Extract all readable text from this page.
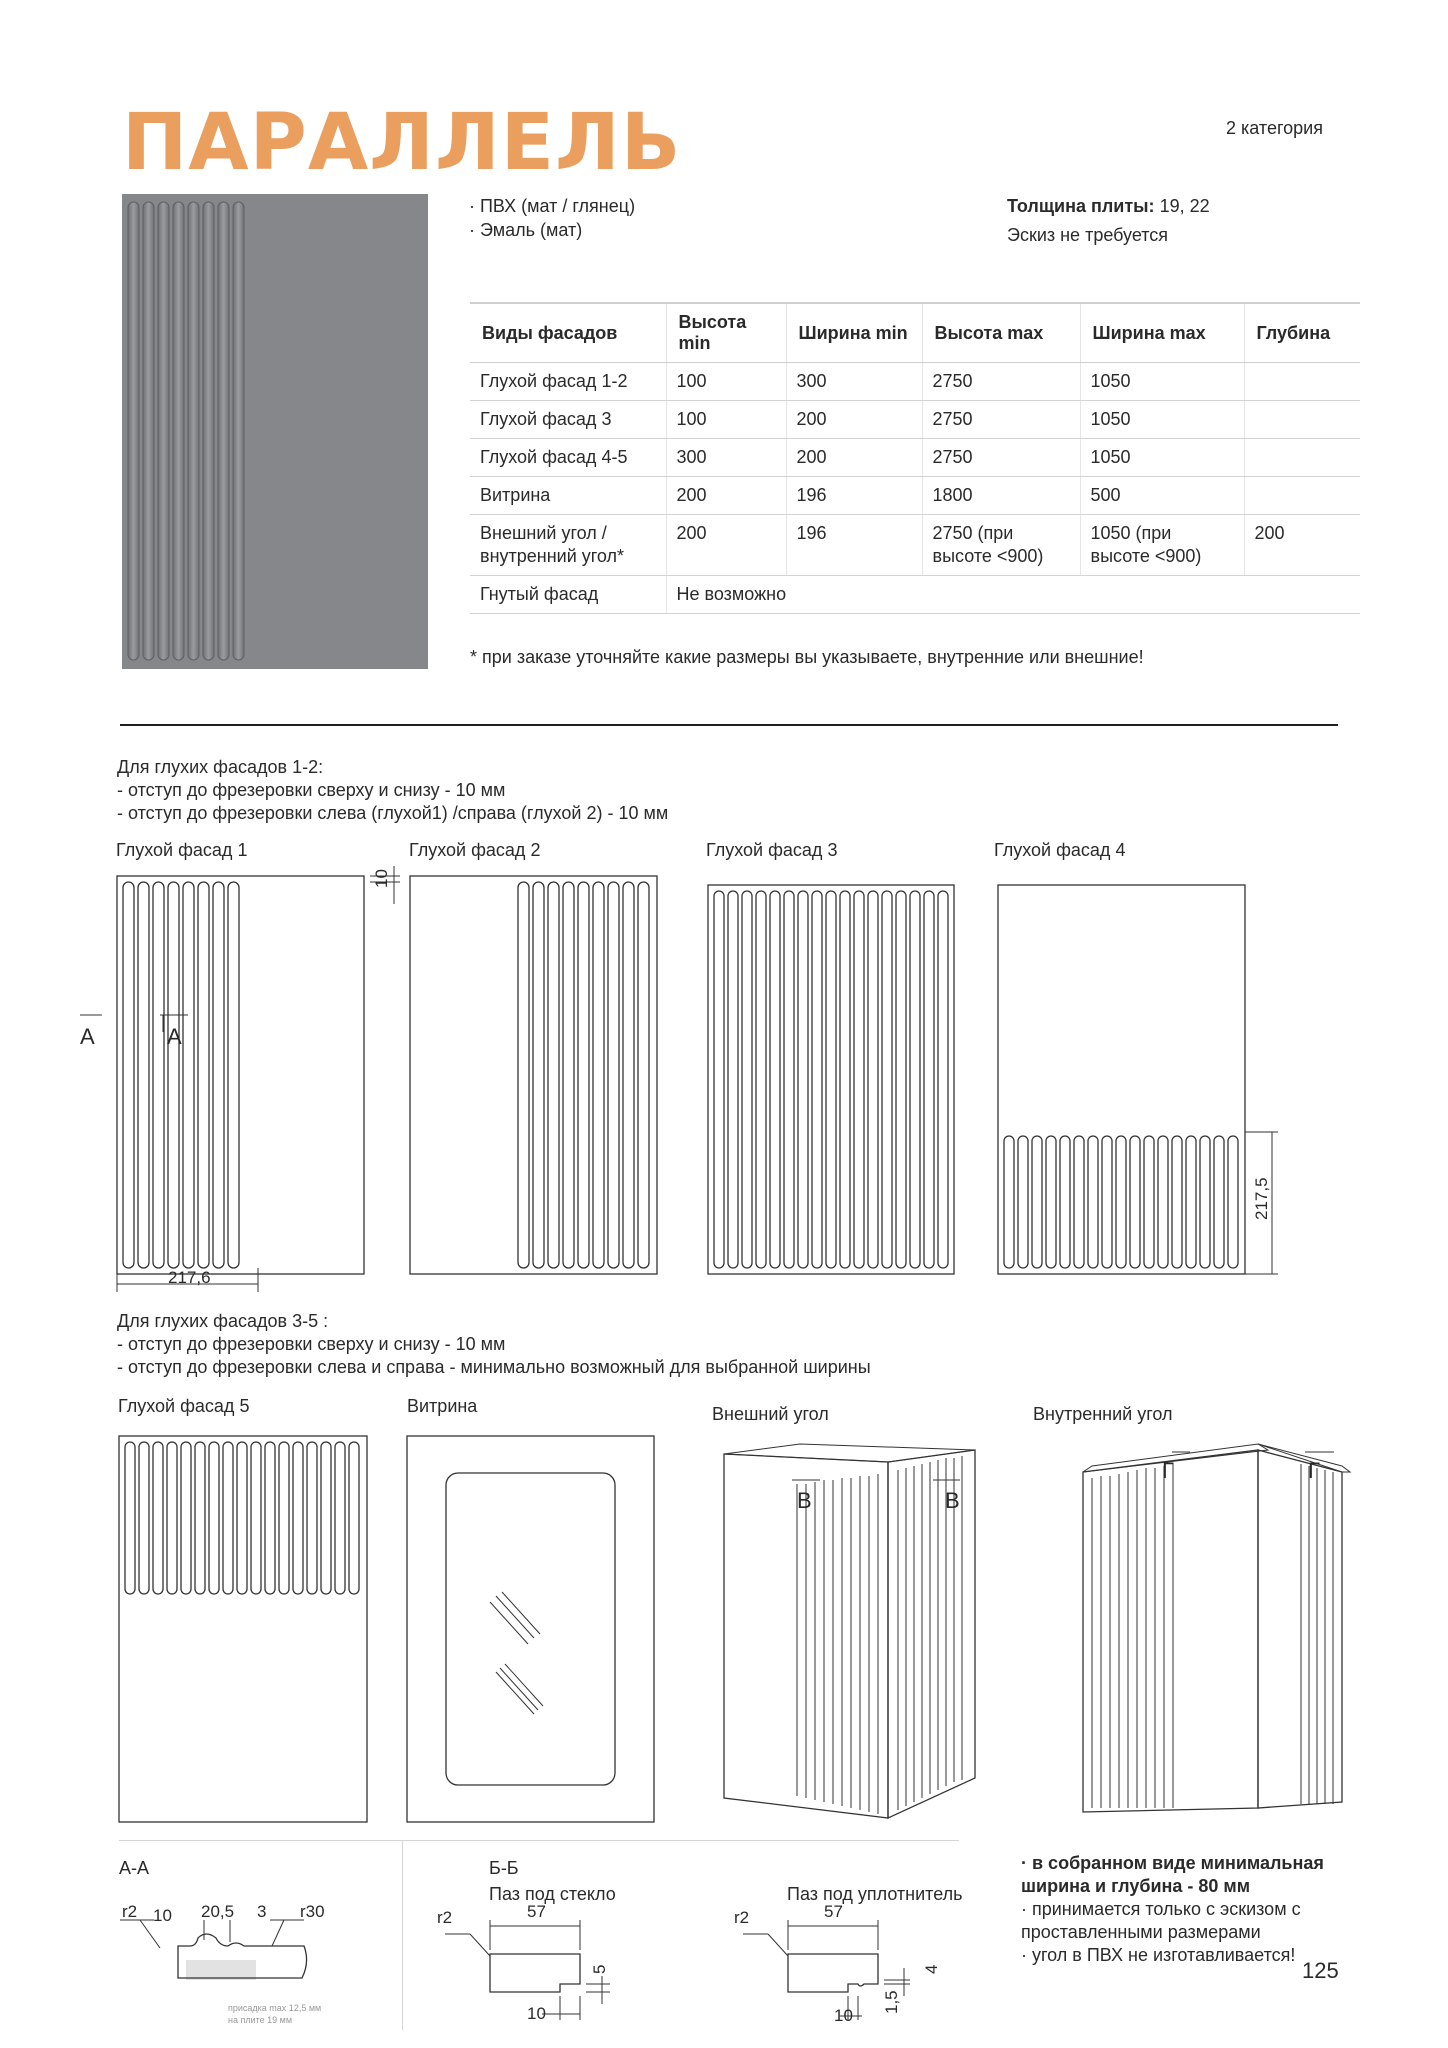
ПАРАЛЛЕЛЬ	2 категория
· ПВХ (мат / глянец)
· Эмаль (мат)
Толщина плиты: 19, 22
Эскиз не требуется
Виды фасадов	Высота min	Ширина min	Высота max	Ширина max	Глубина
Глухой фасад 1-2	100	300	2750	1050	
Глухой фасад 3	100	200	2750	1050	
Глухой фасад 4-5	300	200	2750	1050	
Витрина	200	196	1800	500	
Внешний угол / внутренний угол*	200	196	2750 (при высоте <900)	1050 (при высоте <900)	200
Гнутый фасад	Не возможно				
* при заказе уточняйте какие размеры вы указываете, внутренние или внешние!
Для глухих фасадов 1-2:
- отступ до фрезеровки сверху и снизу - 10 мм
- отступ до фрезеровки слева (глухой1) /справа (глухой 2) - 10 мм
Глухой фасад 1	Глухой фасад 2	Глухой фасад 3	Глухой фасад 4
217,6
10
217,5
A	A
Для глухих фасадов 3-5 :
- отступ до фрезеровки сверху и снизу - 10 мм
- отступ до фрезеровки слева и справа - минимально возможный для выбранной ширины
Глухой фасад 5	Витрина	Внешний угол	Внутренний угол
B	B
Г	Г
А-А
r2 10 20,5 3 r30
присадка max 12,5 мм
на плите 19 мм
Б-Б
Паз под стекло	Паз под уплотнитель
r2	57
5
10
r2	57
4
1,5
10
· в собранном виде минимальная ширина и глубина - 80 мм
· принимается только с эскизом с проставленными размерами
· угол в ПВХ не изготавливается!
125
